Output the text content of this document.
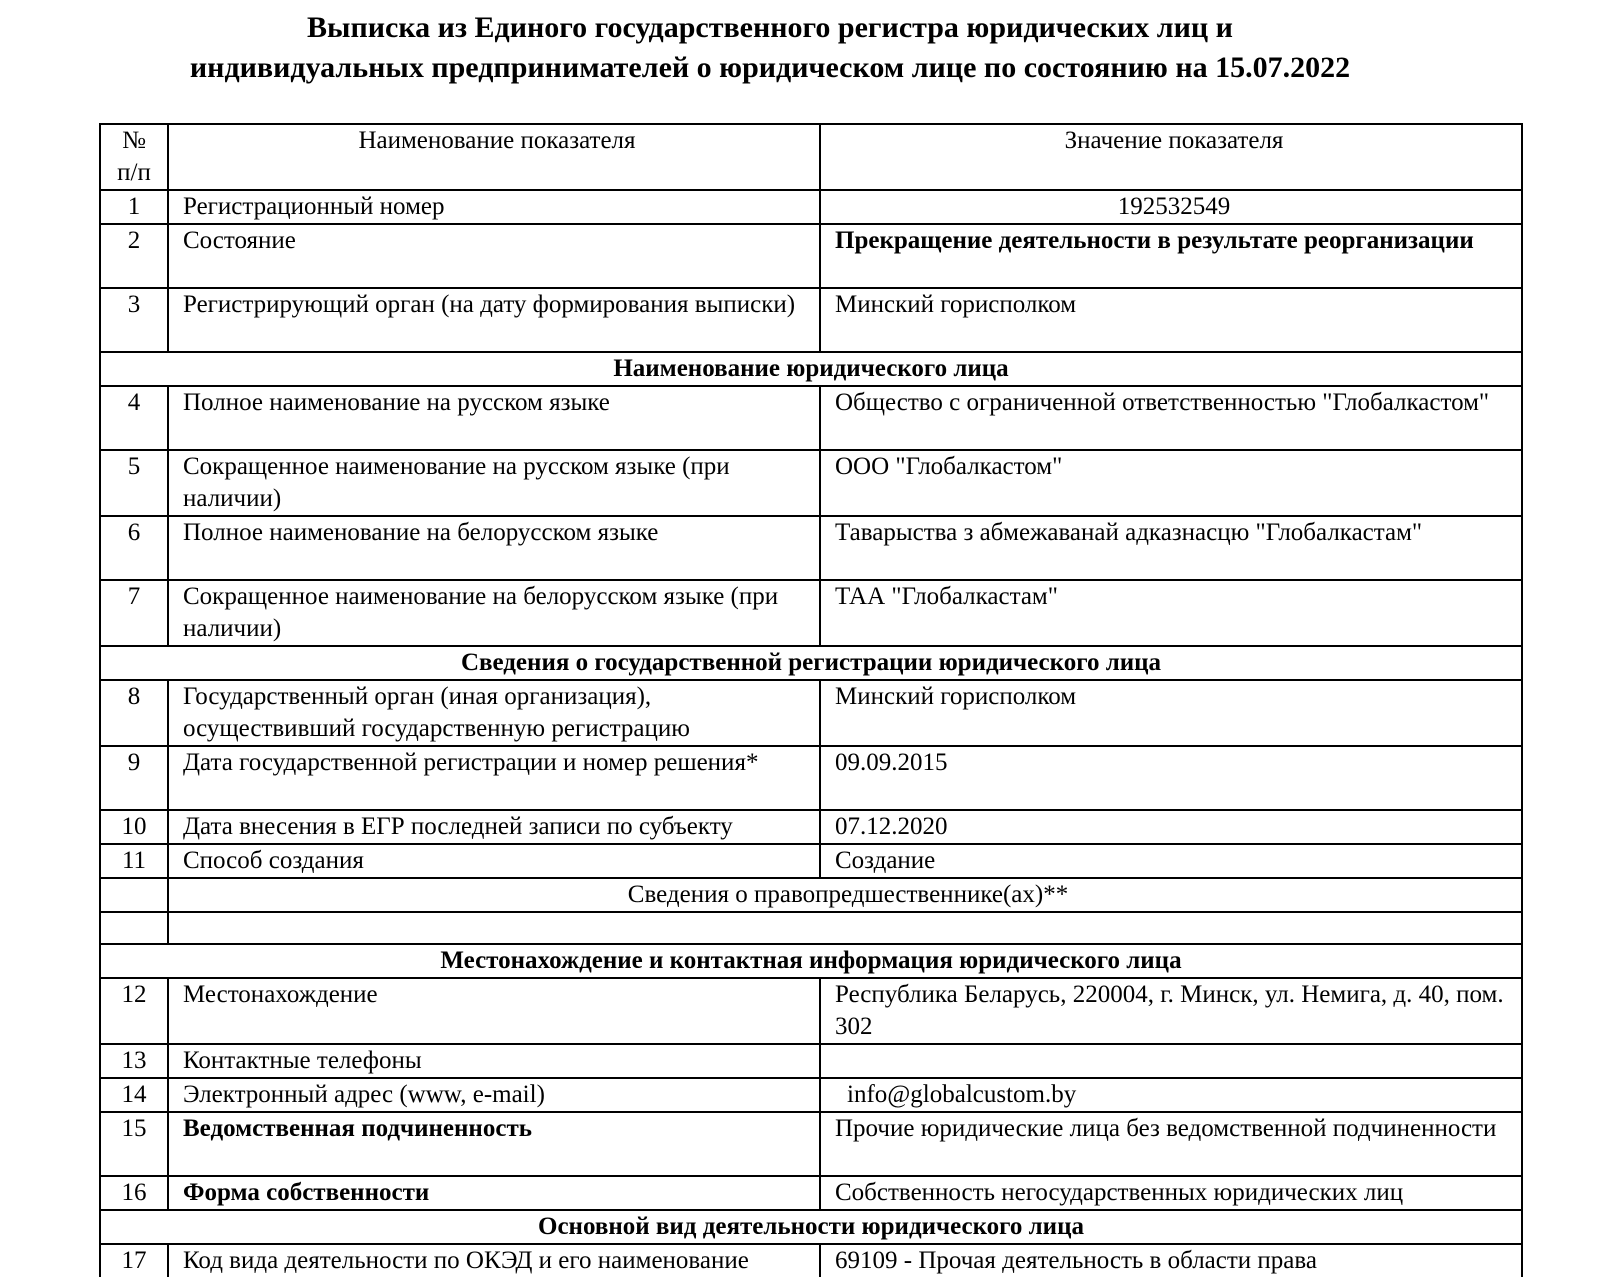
Выписка из Единого государственного регистра юридических лиц и
индивидуальных предпринимателей о юридическом лице по состоянию на 15.07.2022
№
п/п	Наименование показателя	Значение показателя
1	Регистрационный номер	192532549
2	Состояние	Прекращение деятельности в результате реорганизации
3	Регистрирующий орган (на дату формирования выписки)	Минский горисполком
Наименование юридического лица		
4	Полное наименование на русском языке	Общество с ограниченной ответственностью "Глобалкастом"
5	Сокращенное наименование на русском языке (при наличии)	ООО "Глобалкастом"
6	Полное наименование на белорусском языке	Таварыства з абмежаванай адказнасцю "Глобалкастам"
7	Сокращенное наименование на белорусском языке (при наличии)	ТАА "Глобалкастам"
Сведения о государственной регистрации юридического лица		
8	Государственный орган (иная организация), осуществивший государственную регистрацию	Минский горисполком
9	Дата государственной регистрации и номер решения*	09.09.2015
10	Дата внесения в ЕГР последней записи по субъекту	07.12.2020
11	Способ создания	Создание
	Сведения о правопредшественнике(ах)**	

Местонахождение и контактная информация юридического лица		
12	Местонахождение	Республика Беларусь, 220004, г. Минск, ул. Немига, д. 40, пом. 302
13	Контактные телефоны	
14	Электронный адрес (www, e-mail)	info@globalcustom.by
15	Ведомственная подчиненность	Прочие юридические лица без ведомственной подчиненности
16	Форма собственности	Собственность негосударственных юридических лиц
Основной вид деятельности юридического лица		
17	Код вида деятельности по ОКЭД и его наименование	69109 - Прочая деятельность в области права
